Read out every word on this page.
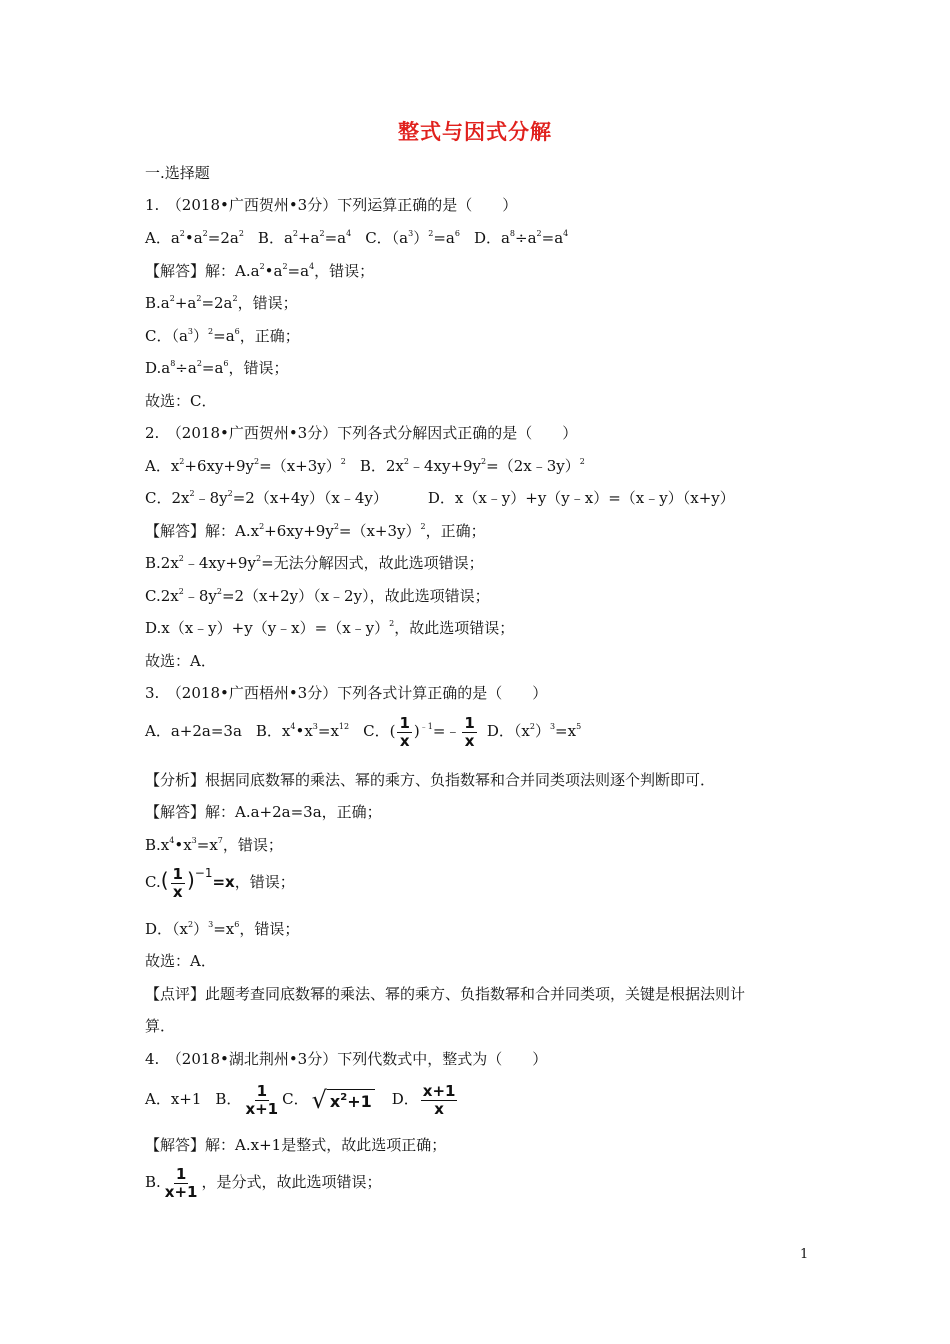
整式与因式分解
一.选择题
1.　（2018•广西贺州•3分）下列运算正确的是（　　）
A．$a^2•a^2=2a^2$ B．$a^2+a^2=a^4$ C．$(a^3)^2=a^6$ D．$a^8\div a^2=a^4$
【解答】解：$A.a^2•a^2=a^4$，错误；
$B.a^2+a^2=2a^2$，错误；
C．$(a^3)^2=a^6$，正确；
$D.a^8\div a^2=a^6$，错误；
故选：C．
2.　（2018•广西贺州•3分）下列各式分解因式正确的是（　　）
A．$x^2+6xy+9y^2=(x+3y)^2$ B．$2x^2﹣4xy+9y^2=(2x﹣3y)^2$
C．$2x^2﹣8y^2=2(x+4y)(x﹣4y)$	D．x（x﹣y）+y（y﹣x）=（x﹣y）（x+y）
【解答】解：$A.x^2+6xy+9y^2=(x+3y)^2$，正确；
$B.2x^2﹣4xy+9y^2=$无法分解因式，故此选项错误；
$C.2x^2﹣8y^2=2(x+2y)(x﹣2y)$，故此选项错误；
D.x（x﹣y）+y（y﹣x）=（x﹣y）$^2$，故此选项错误；
故选：A．
3.　（2018•广西梧州•3分）下列各式计算正确的是（　　）
A．a+2a=3a B．$x^4•x^3=x^{12}$ C．( $\frac{1}{x}$ )$^{﹣1}$=﹣ $\frac{1}{x}$ D．$(x^2)^3=x^5$
【分析】根据同底数幂的乘法、幂的乘方、负指数幂和合并同类项法则逐个判断即可．
【解答】解：A.a+2a=3a，正确；
$B.x^4•x^3=x^7$，错误；
$C.( \frac{1}{x} )^{-1}=x$，错误；
D．$(x^2)^3=x^6$，错误；
故选：A．
【点评】此题考查同底数幂的乘法、幂的乘方、负指数幂和合并同类项，关键是根据法则计
算．
4.　（2018•湖北荆州•3分）下列代数式中，整式为（　　）
A．x+1 B． $\frac{1}{x+1}$ C． √ $x^2+1$ D． $\frac{x+1}{x}$
【解答】解：A.x+1是整式，故此选项正确；
B. $\frac{1}{x+1}$ ，是分式，故此选项错误；
1
